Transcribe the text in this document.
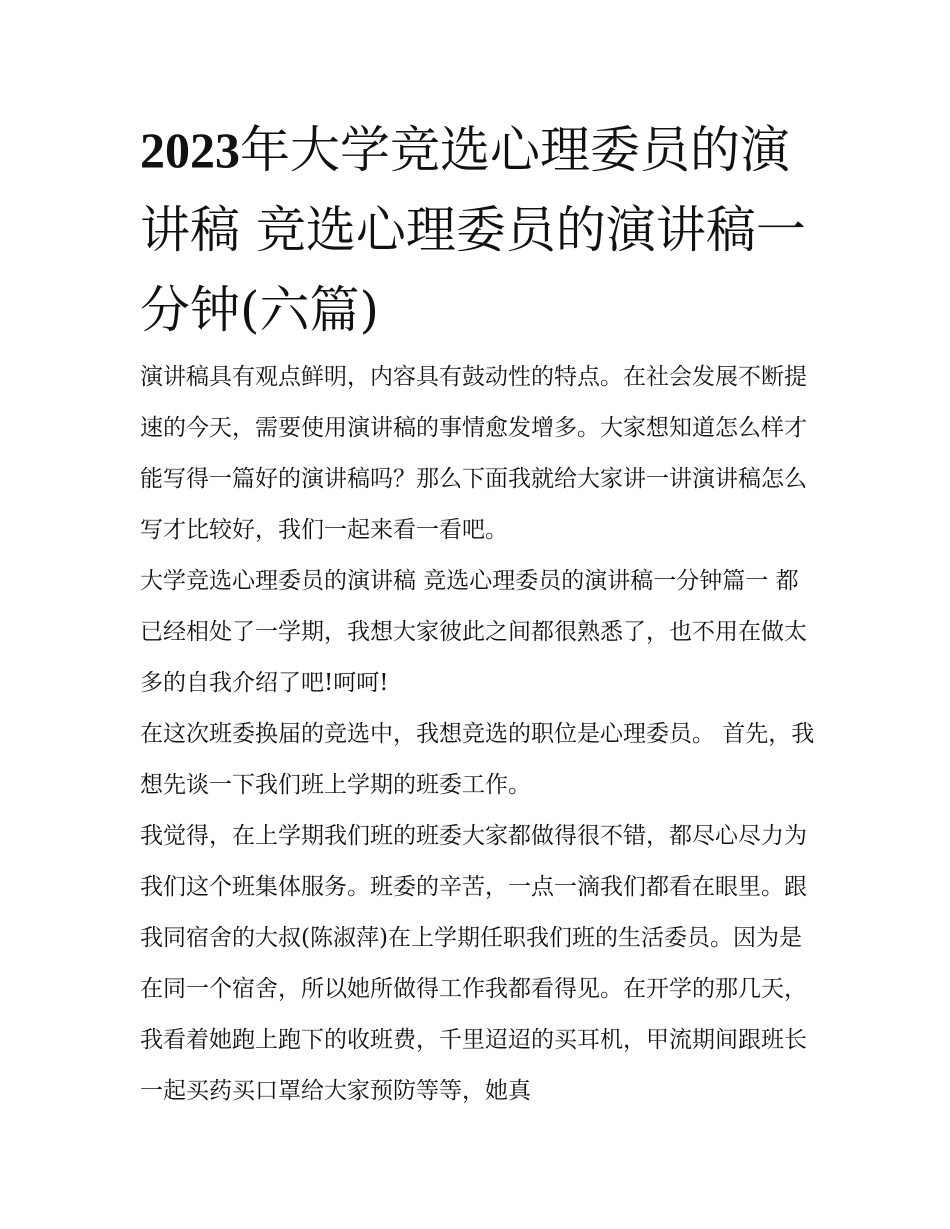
2023年大学竞选心理委员的演讲稿 竞选心理委员的演讲稿一分钟(六篇)

演讲稿具有观点鲜明，内容具有鼓动性的特点。在社会发展不断提速的今天，需要使用演讲稿的事情愈发增多。大家想知道怎么样才能写得一篇好的演讲稿吗？那么下面我就给大家讲一讲演讲稿怎么写才比较好，我们一起来看一看吧。

大学竞选心理委员的演讲稿 竞选心理委员的演讲稿一分钟篇一 都已经相处了一学期，我想大家彼此之间都很熟悉了，也不用在做太多的自我介绍了吧!呵呵!

在这次班委换届的竞选中，我想竞选的职位是心理委员。 首先，我想先谈一下我们班上学期的班委工作。

我觉得，在上学期我们班的班委大家都做得很不错，都尽心尽力为我们这个班集体服务。班委的辛苦，一点一滴我们都看在眼里。跟我同宿舍的大叔(陈淑萍)在上学期任职我们班的生活委员。因为是在同一个宿舍，所以她所做得工作我都看得见。在开学的那几天，我看着她跑上跑下的收班费，千里迢迢的买耳机，甲流期间跟班长一起买药买口罩给大家预防等等，她真
